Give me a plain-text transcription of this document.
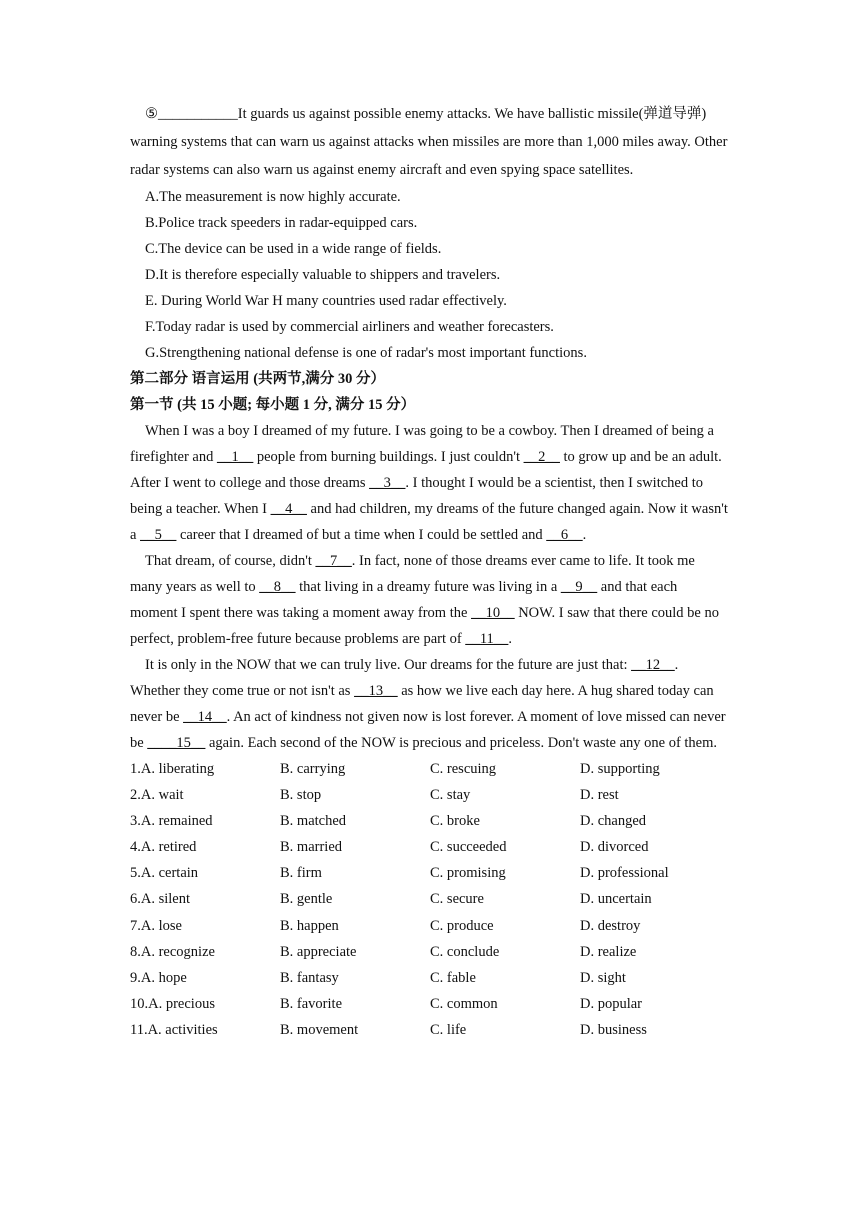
⑤___________It guards us against possible enemy attacks. We have ballistic missile(弹道导弹) warning systems that can warn us against attacks when missiles are more than 1,000 miles away. Other radar systems can also warn us against enemy aircraft and even spying space satellites.

A.The measurement is now highly accurate.

B.Police track speeders in radar-equipped cars.

C.The device can be used in a wide range of fields.

D.It is therefore especially valuable to shippers and travelers.

E. During World War H many countries used radar effectively.

F.Today radar is used by commercial airliners and weather forecasters.

G.Strengthening national defense is one of radar's most important functions.

第二部分 语言运用 (共两节,满分 30 分）

第一节 (共 15 小题; 每小题 1 分, 满分 15 分）

When I was a boy I dreamed of my future. I was going to be a cowboy. Then I dreamed of being a firefighter and __1__ people from burning buildings. I just couldn't __2__ to grow up and be an adult. After I went to college and those dreams __3__. I thought I would be a scientist, then I switched to being a teacher. When I __4__ and had children, my dreams of the future changed again. Now it wasn't a __5__ career that I dreamed of but a time when I could be settled and __6__.

That dream, of course, didn't __7__. In fact, none of those dreams ever came to life. It took me many years as well to __8__ that living in a dreamy future was living in a __9__ and that each moment I spent there was taking a moment away from the __10__ NOW. I saw that there could be no perfect, problem-free future because problems are part of __11__.

It is only in the NOW that we can truly live. Our dreams for the future are just that: __12__. Whether they come true or not isn't as __13__ as how we live each day here. A hug shared today can never be __14__. An act of kindness not given now is lost forever. A moment of love missed can never be ____15__ again. Each second of the NOW is precious and priceless. Don't waste any one of them.

1.A. liberating	B. carrying	C. rescuing	D. supporting
2.A. wait	B. stop	C. stay	D. rest
3.A. remained	B. matched	C. broke	D. changed
4.A. retired	B. married	C. succeeded	D. divorced
5.A. certain	B. firm	C. promising	D. professional
6.A. silent	B. gentle	C. secure	D. uncertain
7.A. lose	B. happen	C. produce	D. destroy
8.A. recognize	B. appreciate	C. conclude	D. realize
9.A. hope	B. fantasy	C. fable	D. sight
10.A. precious	B. favorite	C. common	D. popular
11.A. activities	B. movement	C. life	D. business
